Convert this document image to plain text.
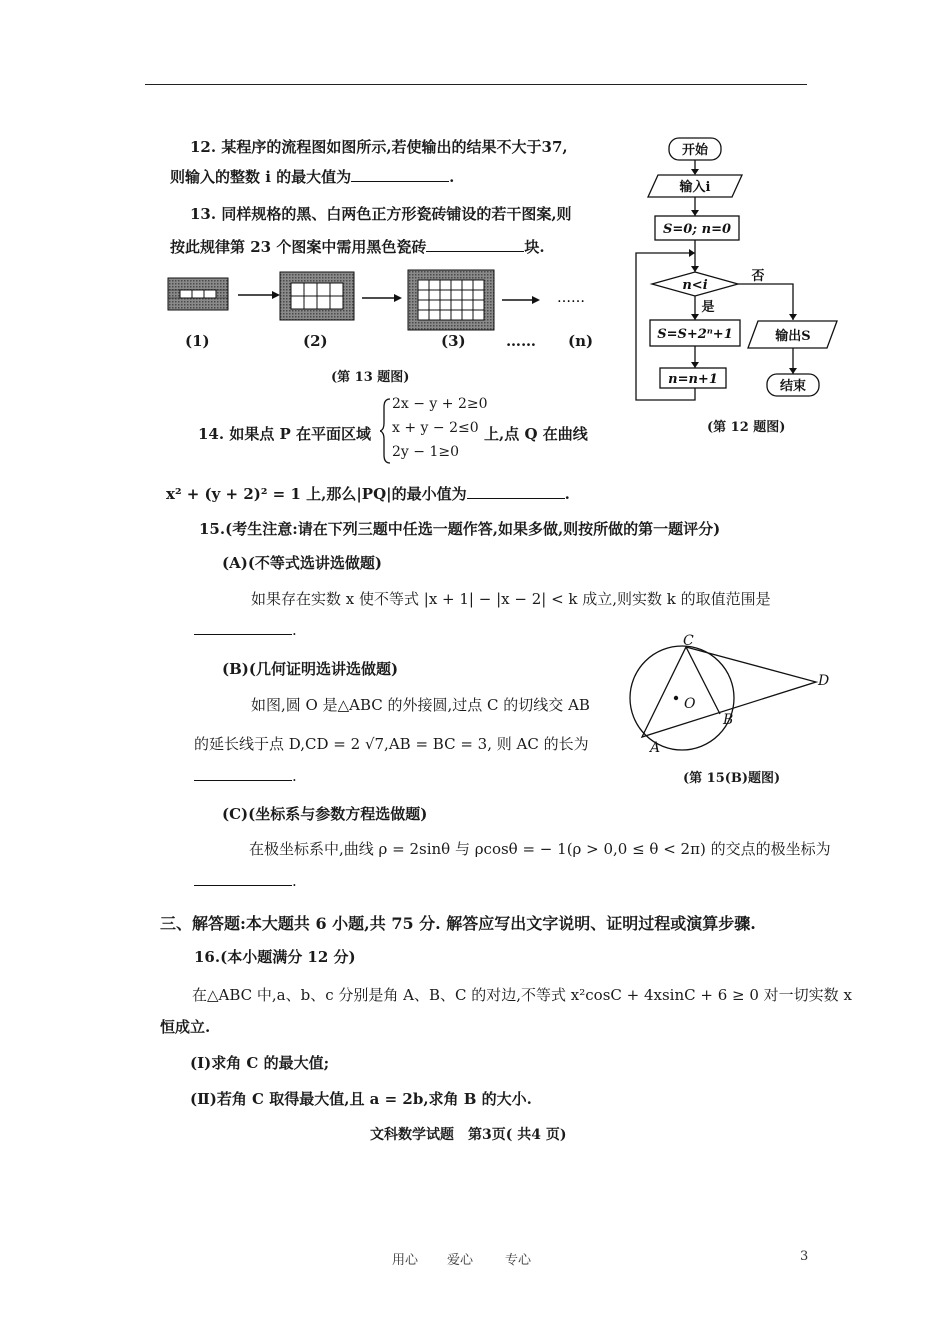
12. 某程序的流程图如图所示,若使输出的结果不大于37,
则输入的整数 i 的最大值为	.
13. 同样规格的黑、白两色正方形瓷砖铺设的若干图案,则
按此规律第 23 个图案中需用黑色瓷砖	块.
……
(1)	(2)	(3)	…… (n)
(第 13 题图)
开始
输入i
S=0; n=0
n<i
否
是
S=S+2ⁿ+1
n=n+1
输出S
结束
(第 12 题图)
14. 如果点 P 在平面区域
2x − y + 2≥0
x + y − 2≤0
2y − 1≥0
上,点 Q 在曲线
x² + (y + 2)² = 1 上,那么|PQ|的最小值为	.
15.(考生注意:请在下列三题中任选一题作答,如果多做,则按所做的第一题评分)
(A)(不等式选讲选做题)
如果存在实数 x 使不等式 |x + 1| − |x − 2| < k 成立,则实数 k 的取值范围是
.
(B)(几何证明选讲选做题)
如图,圆 O 是△ABC 的外接圆,过点 C 的切线交 AB
的延长线于点 D,CD = 2 √7,AB = BC = 3, 则 AC 的长为
.
C
D
O
B
A
(第 15(B)题图)
(C)(坐标系与参数方程选做题)
在极坐标系中,曲线 ρ = 2sinθ 与 ρcosθ = − 1(ρ > 0,0 ≤ θ < 2π) 的交点的极坐标为
.
三、解答题:本大题共 6 小题,共 75 分. 解答应写出文字说明、证明过程或演算步骤.
16.(本小题满分 12 分)
在△ABC 中,a、b、c 分别是角 A、B、C 的对边,不等式 x²cosC + 4xsinC + 6 ≥ 0 对一切实数 x
恒成立.
(Ⅰ)求角 C 的最大值;
(Ⅱ)若角 C 取得最大值,且 a = 2b,求角 B 的大小.
文科数学试题　第3页( 共4 页)
用心 爱心 专心	3
